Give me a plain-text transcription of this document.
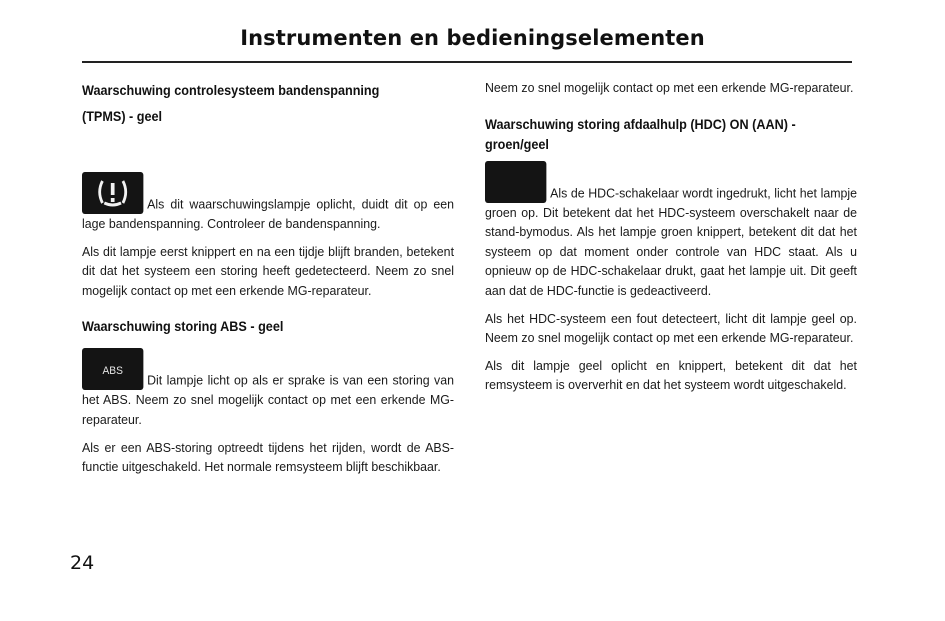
Instrumenten en bedieningselementen

Waarschuwing controlesysteem bandenspanning

(TPMS) - geel

Als dit waarschuwingslampje oplicht, duidt dit op een lage bandenspanning. Controleer de bandenspanning.

Als dit lampje eerst knippert en na een tijdje blijft branden, betekent dit dat het systeem een storing heeft gedetecteerd. Neem zo snel mogelijk contact op met een erkende MG-reparateur.

Waarschuwing storing ABS - geel

ABS
Dit lampje licht op als er sprake is van een storing van het ABS. Neem zo snel mogelijk contact op met een erkende MG-reparateur.

Als er een ABS-storing optreedt tijdens het rijden, wordt de ABS-functie uitgeschakeld. Het normale remsysteem blijft beschikbaar.

Neem zo snel mogelijk contact op met een erkende MG-reparateur.

Waarschuwing storing afdaalhulp (HDC) ON (AAN) -

groen/geel

Als de HDC-schakelaar wordt ingedrukt, licht het lampje groen op. Dit betekent dat het HDC-systeem overschakelt naar de stand-bymodus. Als het lampje groen knippert, betekent dit dat het systeem op dat moment onder controle van HDC staat. Als u opnieuw op de HDC-schakelaar drukt, gaat het lampje uit. Dit geeft aan dat de HDC-functie is gedeactiveerd.

Als het HDC-systeem een fout detecteert, licht dit lampje geel op. Neem zo snel mogelijk contact op met een erkende MG-reparateur.

Als dit lampje geel oplicht en knippert, betekent dit dat het remsysteem is oververhit en dat het systeem wordt uitgeschakeld.

24
